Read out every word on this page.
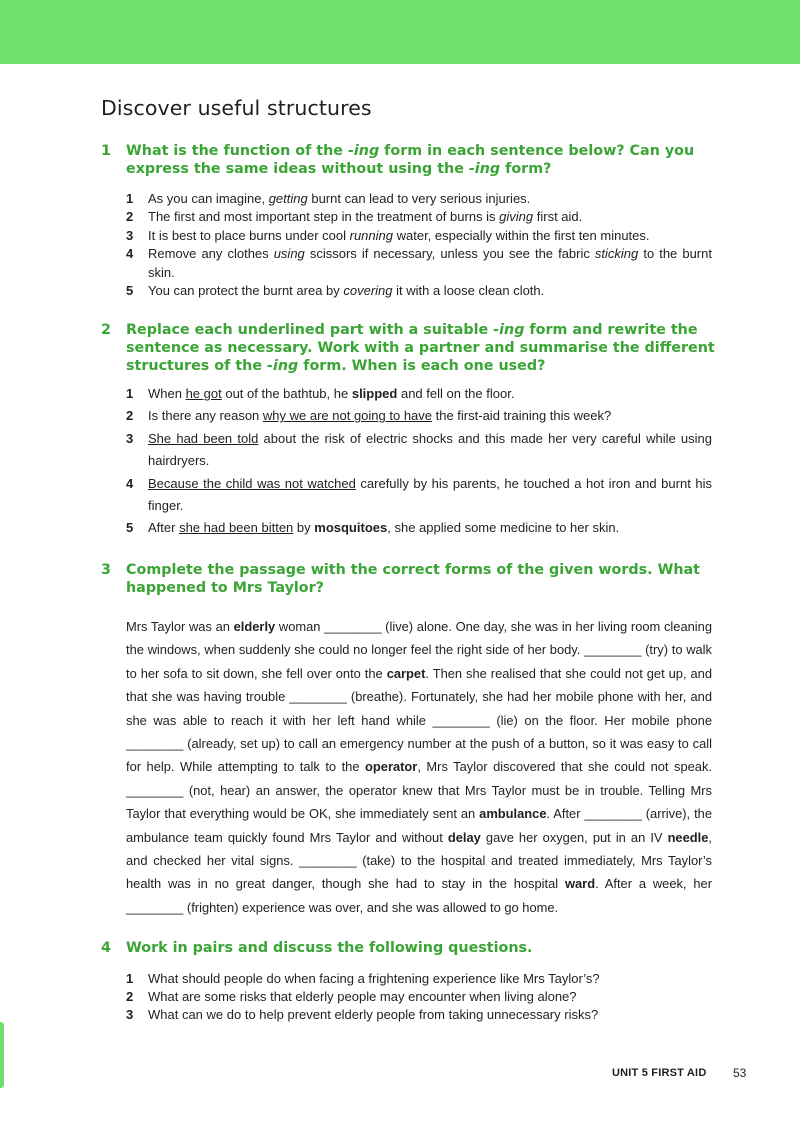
Discover useful structures
1	What is the function of the -ing form in each sentence below? Can you express the same ideas without using the -ing form?
1 As you can imagine, getting burnt can lead to very serious injuries.
2 The first and most important step in the treatment of burns is giving first aid.
3 It is best to place burns under cool running water, especially within the first ten minutes.
4 Remove any clothes using scissors if necessary, unless you see the fabric sticking to the burnt skin.
5 You can protect the burnt area by covering it with a loose clean cloth.
2	Replace each underlined part with a suitable -ing form and rewrite the sentence as necessary. Work with a partner and summarise the different structures of the -ing form. When is each one used?
1 When he got out of the bathtub, he slipped and fell on the floor.
2 Is there any reason why we are not going to have the first-aid training this week?
3 She had been told about the risk of electric shocks and this made her very careful while using hairdryers.
4 Because the child was not watched carefully by his parents, he touched a hot iron and burnt his finger.
5 After she had been bitten by mosquitoes, she applied some medicine to her skin.
3	Complete the passage with the correct forms of the given words. What happened to Mrs Taylor?
Mrs Taylor was an elderly woman ________ (live) alone. One day, she was in her living room cleaning the windows, when suddenly she could no longer feel the right side of her body. ________ (try) to walk to her sofa to sit down, she fell over onto the carpet. Then she realised that she could not get up, and that she was having trouble ________ (breathe). Fortunately, she had her mobile phone with her, and she was able to reach it with her left hand while ________ (lie) on the floor. Her mobile phone ________ (already, set up) to call an emergency number at the push of a button, so it was easy to call for help. While attempting to talk to the operator, Mrs Taylor discovered that she could not speak. ________ (not, hear) an answer, the operator knew that Mrs Taylor must be in trouble. Telling Mrs Taylor that everything would be OK, she immediately sent an ambulance. After ________ (arrive), the ambulance team quickly found Mrs Taylor and without delay gave her oxygen, put in an IV needle, and checked her vital signs. ________ (take) to the hospital and treated immediately, Mrs Taylor’s health was in no great danger, though she had to stay in the hospital ward. After a week, her ________ (frighten) experience was over, and she was allowed to go home.
4	Work in pairs and discuss the following questions.
1 What should people do when facing a frightening experience like Mrs Taylor’s?
2 What are some risks that elderly people may encounter when living alone?
3 What can we do to help prevent elderly people from taking unnecessary risks?
UNIT 5 FIRST AID 53
